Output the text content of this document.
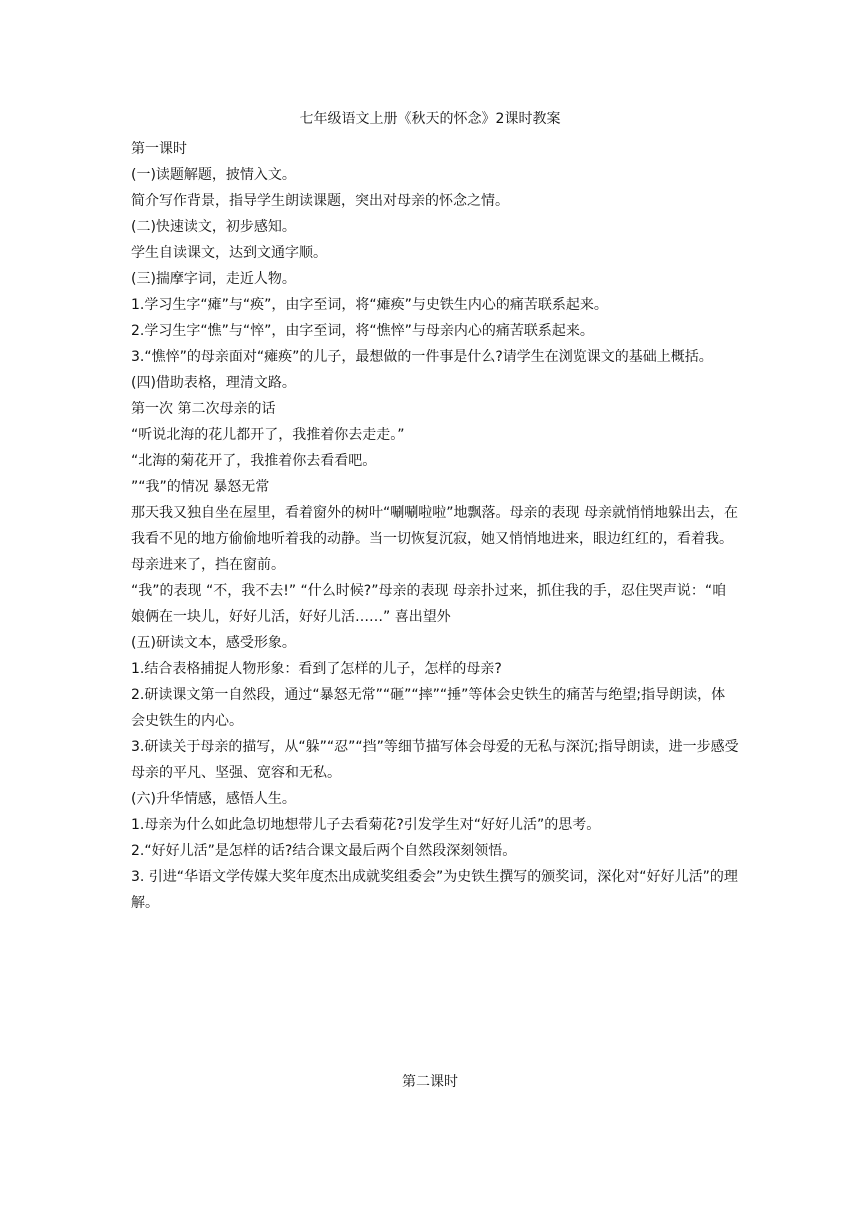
七年级语文上册《秋天的怀念》2课时教案

第一课时

(一)读题解题，披情入文。

简介写作背景，指导学生朗读课题，突出对母亲的怀念之情。

(二)快速读文，初步感知。

学生自读课文，达到文通字顺。

(三)揣摩字词，走近人物。

1.学习生字“瘫”与“痪”，由字至词，将“瘫痪”与史铁生内心的痛苦联系起来。

2.学习生字“憔”与“悴”，由字至词，将“憔悴”与母亲内心的痛苦联系起来。

3.“憔悴”的母亲面对“瘫痪”的儿子，最想做的一件事是什么?请学生在浏览课文的基础上概括。

(四)借助表格，理清文路。

第一次 第二次母亲的话

“听说北海的花儿都开了，我推着你去走走。”

“北海的菊花开了，我推着你去看看吧。

”“我”的情况 暴怒无常

那天我又独自坐在屋里，看着窗外的树叶“唰唰啦啦”地飘落。母亲的表现 母亲就悄悄地躲出去，在我看不见的地方偷偷地听着我的动静。当一切恢复沉寂，她又悄悄地进来，眼边红红的，看着我。 母亲进来了，挡在窗前。

“我”的表现 “不，我不去!” “什么时候?”母亲的表现 母亲扑过来，抓住我的手，忍住哭声说：“咱娘俩在一块儿，好好儿活，好好儿活……” 喜出望外

(五)研读文本，感受形象。

1.结合表格捕捉人物形象：看到了怎样的儿子，怎样的母亲?

2.研读课文第一自然段，通过“暴怒无常”“砸”“摔”“捶”等体会史铁生的痛苦与绝望;指导朗读，体会史铁生的内心。

3.研读关于母亲的描写，从“躲”“忍”“挡”等细节描写体会母爱的无私与深沉;指导朗读，进一步感受母亲的平凡、坚强、宽容和无私。

(六)升华情感，感悟人生。

1.母亲为什么如此急切地想带儿子去看菊花?引发学生对“好好儿活”的思考。

2.“好好儿活”是怎样的话?结合课文最后两个自然段深刻领悟。

3. 引进“华语文学传媒大奖年度杰出成就奖组委会”为史铁生撰写的颁奖词，深化对“好好儿活”的理解。

第二课时
